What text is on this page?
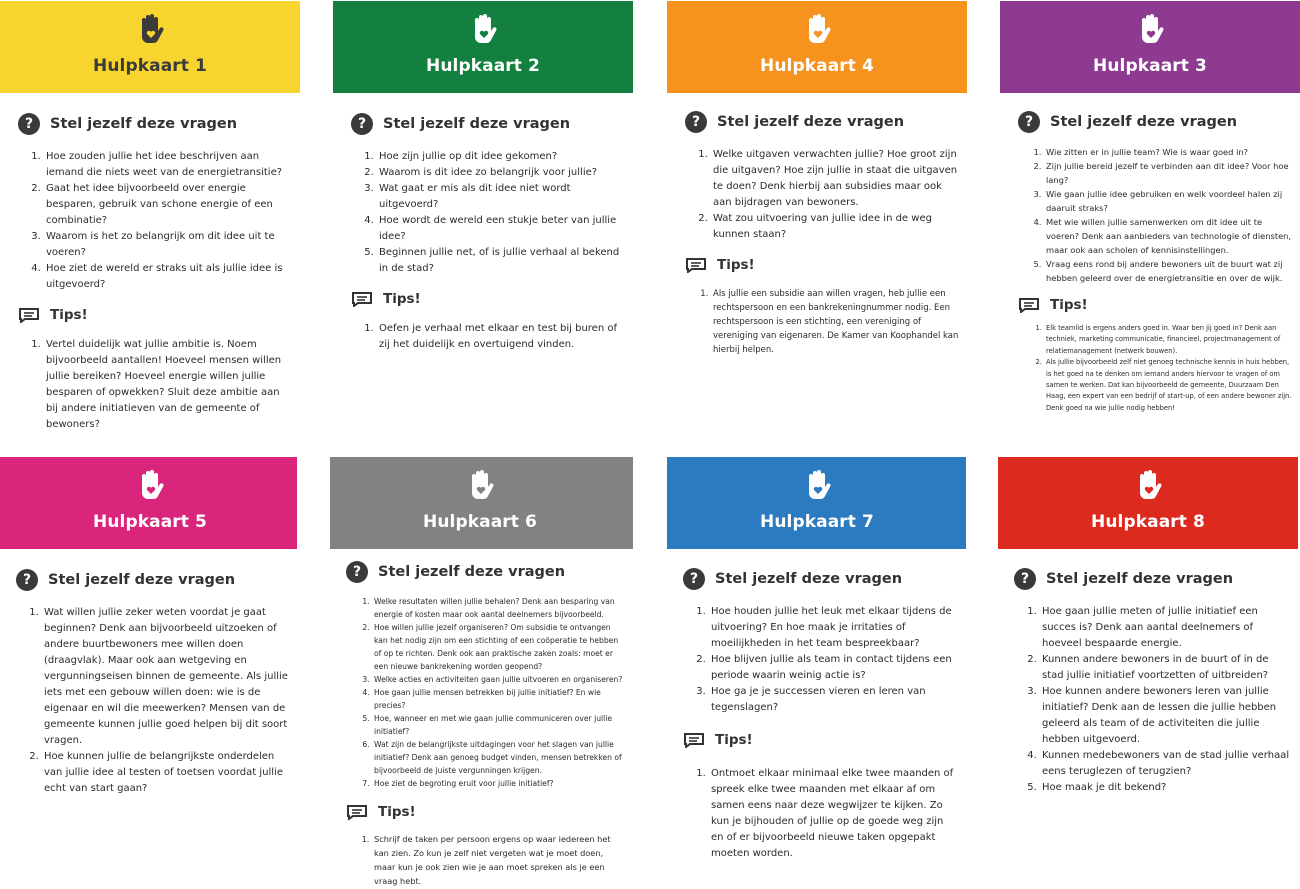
Hulpkaart 1
?	Stel jezelf deze vragen
1. Hoe zouden jullie het idee beschrijven aan iemand die niets weet van de energietransitie?
2. Gaat het idee bijvoorbeeld over energie besparen, gebruik van schone energie of een combinatie?
3. Waarom is het zo belangrijk om dit idee uit te voeren?
4. Hoe ziet de wereld er straks uit als jullie idee is uitgevoerd?
Tips!
1. Vertel duidelijk wat jullie ambitie is. Noem bijvoorbeeld aantallen! Hoeveel mensen willen jullie bereiken? Hoeveel energie willen jullie besparen of opwekken? Sluit deze ambitie aan bij andere initiatieven van de gemeente of bewoners?
Hulpkaart 2
?	Stel jezelf deze vragen
1. Hoe zijn jullie op dit idee gekomen?
2. Waarom is dit idee zo belangrijk voor jullie?
3. Wat gaat er mis als dit idee niet wordt uitgevoerd?
4. Hoe wordt de wereld een stukje beter van jullie idee?
5. Beginnen jullie net, of is jullie verhaal al bekend in de stad?
Tips!
1. Oefen je verhaal met elkaar en test bij buren of zij het duidelijk en overtuigend vinden.
Hulpkaart 4
?	Stel jezelf deze vragen
1. Welke uitgaven verwachten jullie? Hoe groot zijn die uitgaven? Hoe zijn jullie in staat die uitgaven te doen? Denk hierbij aan subsidies maar ook aan bijdragen van bewoners.
2. Wat zou uitvoering van jullie idee in de weg kunnen staan?
Tips!
1. Als jullie een subsidie aan willen vragen, heb jullie een rechtspersoon en een bankrekeningnummer nodig. Een rechtspersoon is een stichting, een vereniging of vereniging van eigenaren. De Kamer van Koophandel kan hierbij helpen.
Hulpkaart 3
?	Stel jezelf deze vragen
1. Wie zitten er in jullie team? Wie is waar goed in?
2. Zijn jullie bereid jezelf te verbinden aan dit idee? Voor hoe lang?
3. Wie gaan jullie idee gebruiken en welk voordeel halen zij daaruit straks?
4. Met wie willen jullie samenwerken om dit idee uit te voeren? Denk aan aanbieders van technologie of diensten, maar ook aan scholen of kennisinstellingen.
5. Vraag eens rond bij andere bewoners uit de buurt wat zij hebben geleerd over de energietransitie en over de wijk.
Tips!
1. Elk teamlid is ergens anders goed in. Waar ben jij goed in? Denk aan techniek, marketing communicatie, financieel, projectmanagement of relatiemanagement (netwerk bouwen).
2. Als jullie bijvoorbeeld zelf niet genoeg technische kennis in huis hebben, is het goed na te denken om iemand anders hiervoor te vragen of om samen te werken. Dat kan bijvoorbeeld de gemeente, Duurzaam Den Haag, een expert van een bedrijf of start-up, of een andere bewoner zijn. Denk goed na wie jullie nodig hebben!
Hulpkaart 5
?	Stel jezelf deze vragen
1. Wat willen jullie zeker weten voordat je gaat beginnen? Denk aan bijvoorbeeld uitzoeken of andere buurtbewoners mee willen doen (draagvlak). Maar ook aan wetgeving en vergunningseisen binnen de gemeente. Als jullie iets met een gebouw willen doen: wie is de eigenaar en wil die meewerken? Mensen van de gemeente kunnen jullie goed helpen bij dit soort vragen.
2. Hoe kunnen jullie de belangrijkste onderdelen van jullie idee al testen of toetsen voordat jullie echt van start gaan?
Hulpkaart 6
?	Stel jezelf deze vragen
1. Welke resultaten willen jullie behalen? Denk aan besparing van energie of kosten maar ook aantal deelnemers bijvoorbeeld.
2. Hoe willen jullie jezelf organiseren? Om subsidie te ontvangen kan het nodig zijn om een stichting of een coöperatie te hebben of op te richten. Denk ook aan praktische zaken zoals: moet er een nieuwe bankrekening worden geopend?
3. Welke acties en activiteiten gaan jullie uitvoeren en organiseren?
4. Hoe gaan jullie mensen betrekken bij jullie initiatief? En wie precies?
5. Hoe, wanneer en met wie gaan jullie communiceren over jullie initiatief?
6. Wat zijn de belangrijkste uitdagingen voor het slagen van jullie initiatief? Denk aan genoeg budget vinden, mensen betrekken of bijvoorbeeld de juiste vergunningen krijgen.
7. Hoe ziet de begroting eruit voor jullie initiatief?
Tips!
1. Schrijf de taken per persoon ergens op waar iedereen het kan zien. Zo kun je zelf niet vergeten wat je moet doen, maar kun je ook zien wie je aan moet spreken als je een vraag hebt.
Hulpkaart 7
?	Stel jezelf deze vragen
1. Hoe houden jullie het leuk met elkaar tijdens de uitvoering? En hoe maak je irritaties of moeilijkheden in het team bespreekbaar?
2. Hoe blijven jullie als team in contact tijdens een periode waarin weinig actie is?
3. Hoe ga je je successen vieren en leren van tegenslagen?
Tips!
1. Ontmoet elkaar minimaal elke twee maanden of spreek elke twee maanden met elkaar af om samen eens naar deze wegwijzer te kijken. Zo kun je bijhouden of jullie op de goede weg zijn en of er bijvoorbeeld nieuwe taken opgepakt moeten worden.
Hulpkaart 8
?	Stel jezelf deze vragen
1. Hoe gaan jullie meten of jullie initiatief een succes is? Denk aan aantal deelnemers of hoeveel bespaarde energie.
2. Kunnen andere bewoners in de buurt of in de stad jullie initiatief voortzetten of uitbreiden?
3. Hoe kunnen andere bewoners leren van jullie initiatief? Denk aan de lessen die jullie hebben geleerd als team of de activiteiten die jullie hebben uitgevoerd.
4. Kunnen medebewoners van de stad jullie verhaal eens teruglezen of terugzien?
5. Hoe maak je dit bekend?
